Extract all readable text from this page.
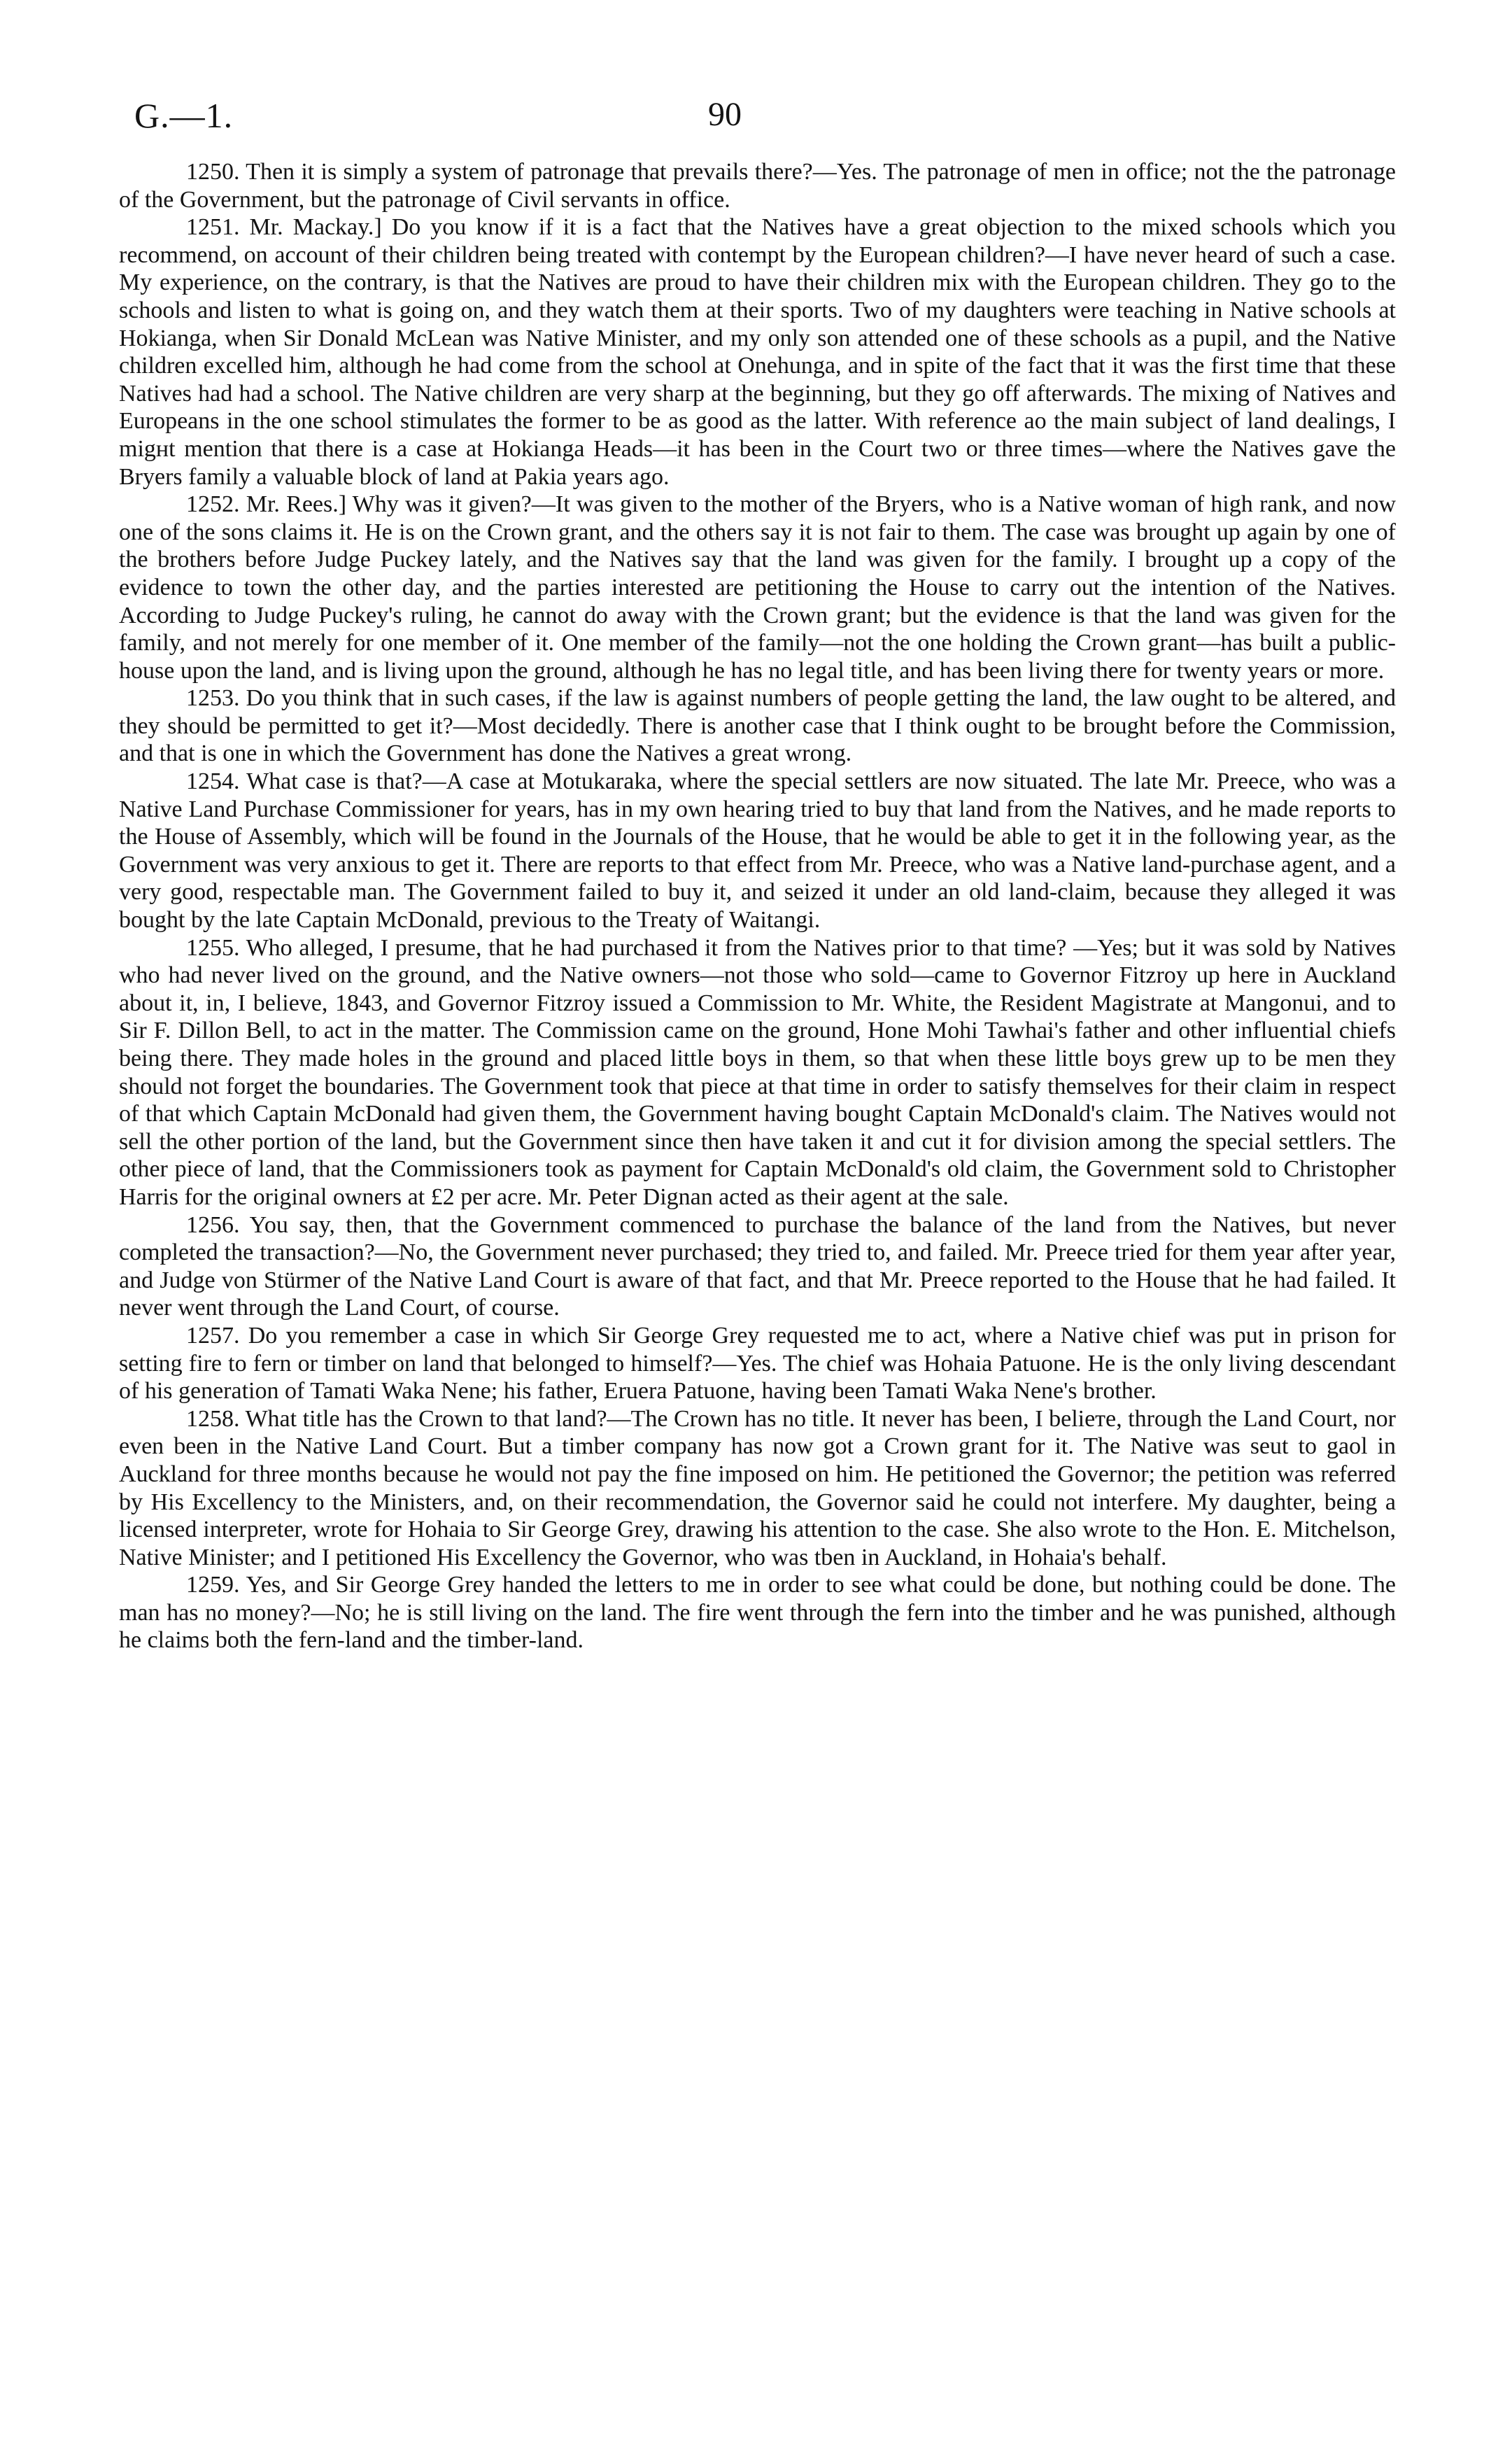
G.—1.	90

1250. Then it is simply a system of patronage that prevails there?—Yes. The patronage of men in office; not the the patronage of the Government, but the patronage of Civil servants in office.

1251. Mr. Mackay.] Do you know if it is a fact that the Natives have a great objection to the mixed schools which you recommend, on account of their children being treated with contempt by the European children?—I have never heard of such a case. My experience, on the contrary, is that the Natives are proud to have their children mix with the European children. They go to the schools and listen to what is going on, and they watch them at their sports. Two of my daughters were teaching in Native schools at Hokianga, when Sir Donald McLean was Native Minister, and my only son attended one of these schools as a pupil, and the Native children excelled him, although he had come from the school at Onehunga, and in spite of the fact that it was the first time that these Natives had had a school. The Native children are very sharp at the beginning, but they go off afterwards. The mixing of Natives and Europeans in the one school stimulates the former to be as good as the latter. With reference ao the main subject of land dealings, I migнt mention that there is a case at Hokianga Heads—it has been in the Court two or three times—where the Natives gave the Bryers family a valuable block of land at Pakia years ago.

1252. Mr. Rees.] Why was it given?—It was given to the mother of the Bryers, who is a Native woman of high rank, and now one of the sons claims it. He is on the Crown grant, and the others say it is not fair to them. The case was brought up again by one of the brothers before Judge Puckey lately, and the Natives say that the land was given for the family. I brought up a copy of the evidence to town the other day, and the parties interested are petitioning the House to carry out the intention of the Natives. According to Judge Puckey's ruling, he cannot do away with the Crown grant; but the evidence is that the land was given for the family, and not merely for one member of it. One member of the family—not the one holding the Crown grant—has built a public-house upon the land, and is living upon the ground, although he has no legal title, and has been living there for twenty years or more.

1253. Do you think that in such cases, if the law is against numbers of people getting the land, the law ought to be altered, and they should be permitted to get it?—Most decidedly. There is another case that I think ought to be brought before the Commission, and that is one in which the Government has done the Natives a great wrong.

1254. What case is that?—A case at Motukaraka, where the special settlers are now situated. The late Mr. Preece, who was a Native Land Purchase Commissioner for years, has in my own hearing tried to buy that land from the Natives, and he made reports to the House of Assembly, which will be found in the Journals of the House, that he would be able to get it in the following year, as the Government was very anxious to get it. There are reports to that effect from Mr. Preece, who was a Native land-purchase agent, and a very good, respectable man. The Government failed to buy it, and seized it under an old land-claim, because they alleged it was bought by the late Captain McDonald, previous to the Treaty of Waitangi.

1255. Who alleged, I presume, that he had purchased it from the Natives prior to that time? —Yes; but it was sold by Natives who had never lived on the ground, and the Native owners—not those who sold—came to Governor Fitzroy up here in Auckland about it, in, I believe, 1843, and Governor Fitzroy issued a Commission to Mr. White, the Resident Magistrate at Mangonui, and to Sir F. Dillon Bell, to act in the matter. The Commission came on the ground, Hone Mohi Tawhai's father and other influential chiefs being there. They made holes in the ground and placed little boys in them, so that when these little boys grew up to be men they should not forget the boundaries. The Government took that piece at that time in order to satisfy themselves for their claim in respect of that which Captain McDonald had given them, the Government having bought Captain McDonald's claim. The Natives would not sell the other portion of the land, but the Government since then have taken it and cut it for division among the special settlers. The other piece of land, that the Commissioners took as payment for Captain McDonald's old claim, the Government sold to Christopher Harris for the original owners at £2 per acre. Mr. Peter Dignan acted as their agent at the sale.

1256. You say, then, that the Government commenced to purchase the balance of the land from the Natives, but never completed the transaction?—No, the Government never purchased; they tried to, and failed. Mr. Preece tried for them year after year, and Judge von Stürmer of the Native Land Court is aware of that fact, and that Mr. Preece reported to the House that he had failed. It never went through the Land Court, of course.

1257. Do you remember a case in which Sir George Grey requested me to act, where a Native chief was put in prison for setting fire to fern or timber on land that belonged to himself?—Yes. The chief was Hohaia Patuone. He is the only living descendant of his generation of Tamati Waka Nene; his father, Eruera Patuone, having been Tamati Waka Nene's brother.

1258. What title has the Crown to that land?—The Crown has no title. It never has been, I belieтe, through the Land Court, nor even been in the Native Land Court. But a timber company has now got a Crown grant for it. The Native was seut to gaol in Auckland for three months because he would not pay the fine imposed on him. He petitioned the Governor; the petition was referred by His Excellency to the Ministers, and, on their recommendation, the Governor said he could not interfere. My daughter, being a licensed interpreter, wrote for Hohaia to Sir George Grey, drawing his attention to the case. She also wrote to the Hon. E. Mitchelson, Native Minister; and I petitioned His Excellency the Governor, who was tben in Auckland, in Hohaia's behalf.

1259. Yes, and Sir George Grey handed the letters to me in order to see what could be done, but nothing could be done. The man has no money?—No; he is still living on the land. The fire went through the fern into the timber and he was punished, although he claims both the fern-land and the timber-land.
